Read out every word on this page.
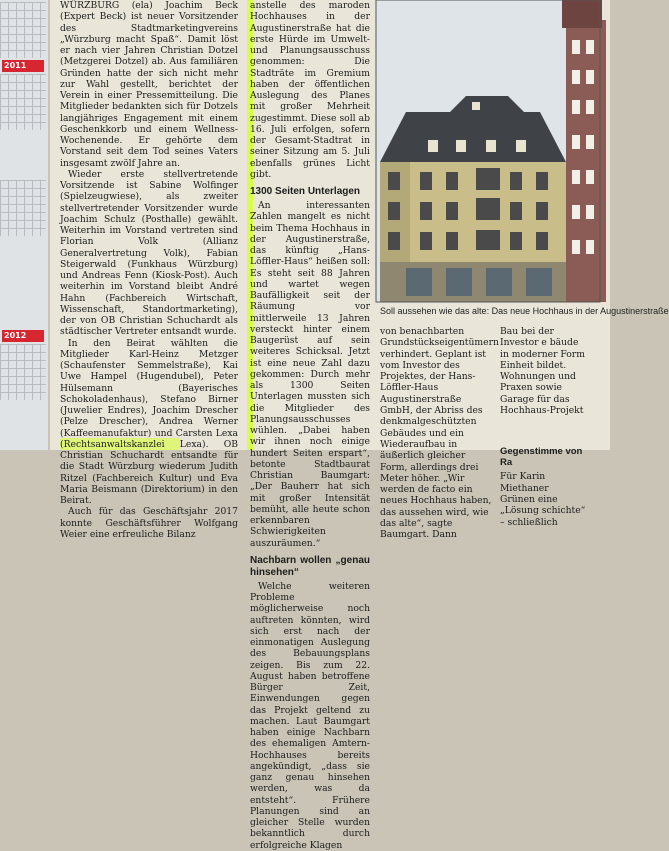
2011
2012

WÜRZBURG (ela) Joachim Beck (Expert Beck) ist neuer Vorsitzender des Stadtmarketingvereins „Würzburg macht Spaß“. Damit löst er nach vier Jahren Christian Dotzel (Metzgerei Dotzel) ab. Aus familiären Gründen hatte der sich nicht mehr zur Wahl gestellt, berichtet der Verein in einer Pressemitteilung. Die Mitglieder bedankten sich für Dotzels langjähriges Engagement mit einem Geschenkkorb und einem Wellness-Wochenende. Er gehörte dem Vorstand seit dem Tod seines Vaters insgesamt zwölf Jahre an.

Wieder erste stellvertretende Vorsitzende ist Sabine Wolfinger (Spielzeugwiese), als zweiter stellvertretender Vorsitzender wurde Joachim Schulz (Posthalle) gewählt. Weiterhin im Vorstand vertreten sind Florian Volk (Allianz Generalvertretung Volk), Fabian Steigerwald (Funkhaus Würzburg) und Andreas Fenn (Kiosk-Post). Auch weiterhin im Vorstand bleibt André Hahn (Fachbereich Wirtschaft, Wissenschaft, Standortmarketing), der von OB Christian Schuchardt als städtischer Vertreter entsandt wurde.

In den Beirat wählten die Mitglieder Karl-Heinz Metzger (Schaufenster Semmelstraße), Kai Uwe Hampel (Hugendubel), Peter Hülsemann (Bayerisches Schokoladenhaus), Stefano Birner (Juwelier Endres), Joachim Drescher (Pelze Drescher), Andrea Werner (Kaffeemanufaktur) und Carsten Lexa (Rechtsanwaltskanzlei Lexa). OB Christian Schuchardt entsandte für die Stadt Würzburg wiederum Judith Ritzel (Fachbereich Kultur) und Eva Maria Beismann (Direktorium) in den Beirat.

Auch für das Geschäftsjahr 2017 konnte Geschäftsführer Wolfgang Weier eine erfreuliche Bilanz

anstelle des maroden Hochhauses in der Augustinerstraße hat die erste Hürde im Umwelt- und Planungsausschuss genommen: Die Stadträte im Gremium haben der öffentlichen Auslegung des Planes mit großer Mehrheit zugestimmt. Diese soll ab 16. Juli erfolgen, sofern der Gesamt-Stadtrat in seiner Sitzung am 5. Juli ebenfalls grünes Licht gibt.

1300 Seiten Unterlagen

An interessanten Zahlen mangelt es nicht beim Thema Hochhaus in der Augustinerstraße, das künftig „Hans-Löffler-Haus“ heißen soll: Es steht seit 88 Jahren und wartet wegen Baufälligkeit seit der Räumung vor mittlerweile 13 Jahren versteckt hinter einem Baugerüst auf sein weiteres Schicksal. Jetzt ist eine neue Zahl dazu gekommen: Durch mehr als 1300 Seiten Unterlagen mussten sich die Mitglieder des Planungsausschusses wühlen. „Dabei haben wir ihnen noch einige hundert Seiten erspart“, betonte Stadtbaurat Christian Baumgart: „Der Bauherr hat sich mit großer Intensität bemüht, alle heute schon erkennbaren Schwierigkeiten auszuräumen.“

Nachbarn wollen „genau hinsehen“

Welche weiteren Probleme möglicherweise noch auftreten könnten, wird sich erst nach der einmonatigen Auslegung des Bebauungsplans zeigen. Bis zum 22. August haben betroffene Bürger Zeit, Einwendungen gegen das Projekt geltend zu machen. Laut Baumgart haben einige Nachbarn des ehemaligen Amtern-Hochhauses bereits angekündigt, „dass sie ganz genau hinsehen werden, was da entsteht“. Frühere Planungen sind an gleicher Stelle wurden bekanntlich durch erfolgreiche Klagen

Soll aussehen wie das alte: Das neue Hochhaus in der Augustinerstraße
von benachbarten Grundstückseigentümern verhindert. Geplant ist vom Investor des Projektes, der Hans-Löffler-Haus Augustinerstraße GmbH, der Abriss des denkmalgeschützten Gebäudes und ein Wiederaufbau in äußerlich gleicher Form, allerdings drei Meter höher. „Wir werden de facto ein neues Hochhaus haben, das aussehen wird, wie das alte“, sagte Baumgart. Dann
Bau bei der Investor e bäude in moderner Form Einheit bildet. Wohnungen und Praxen sowie Garage für das Hochhaus-Projekt
Gegenstimme von Ra
Für Karin Miethaner Grünen eine „Lösung schichte“ – schließlich
